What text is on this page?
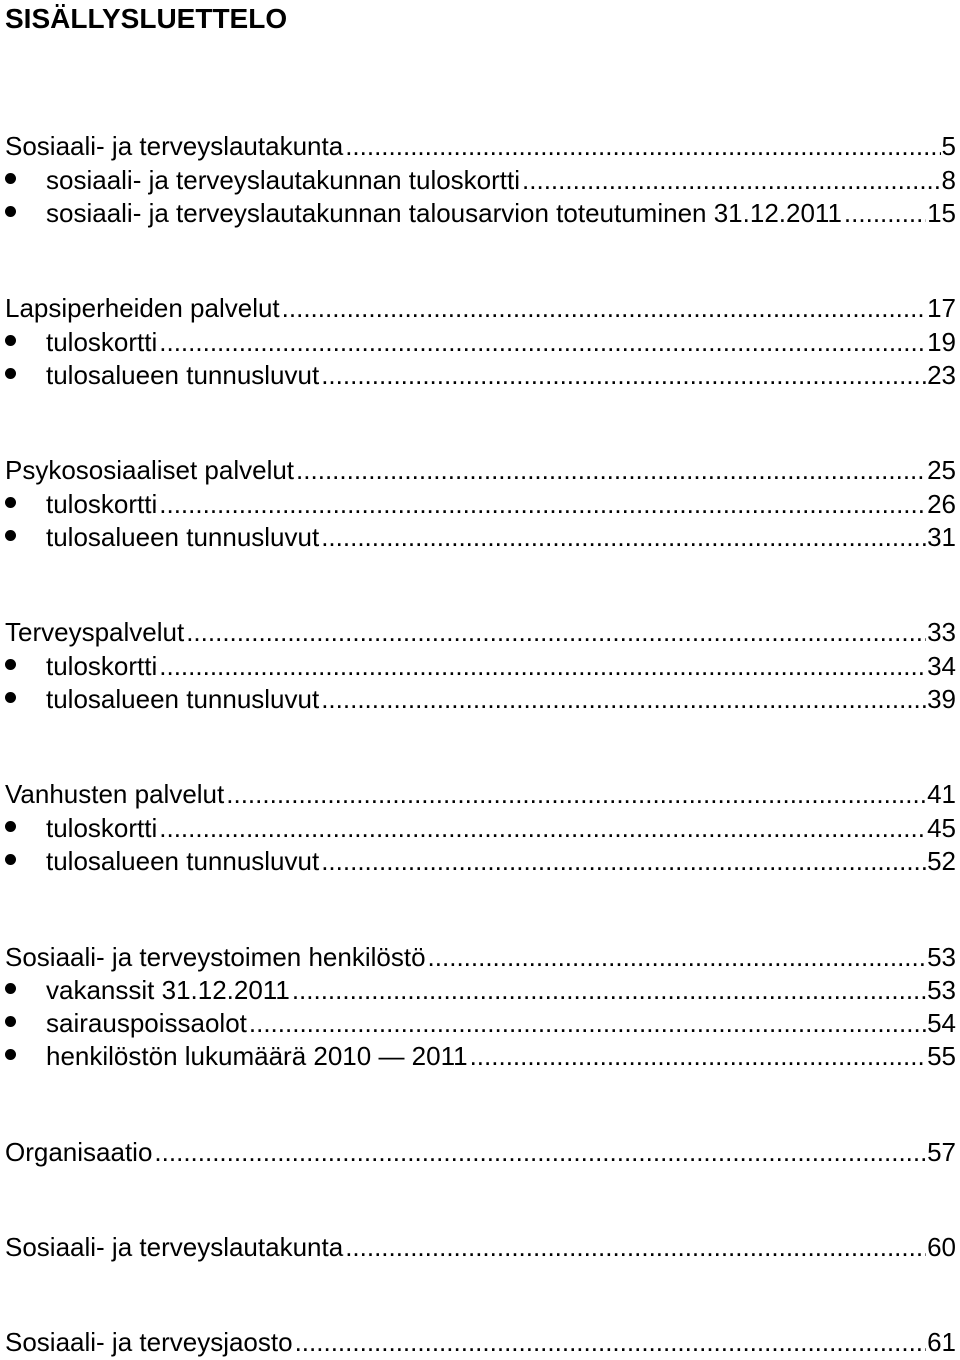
SISÄLLYSLUETTELO
Sosiaali- ja terveyslautakunta .....	5
sosiaali- ja terveyslautakunnan tuloskortti .....	8
sosiaali- ja terveyslautakunnan talousarvion toteutuminen 31.12.2011 .....	15
Lapsiperheiden palvelut .....	17
tuloskortti .....	19
tulosalueen tunnusluvut .....	23
Psykososiaaliset palvelut .....	25
tuloskortti .....	26
tulosalueen tunnusluvut .....	31
Terveyspalvelut .....	33
tuloskortti .....	34
tulosalueen tunnusluvut .....	39
Vanhusten palvelut .....	41
tuloskortti .....	45
tulosalueen tunnusluvut .....	52
Sosiaali- ja terveystoimen henkilöstö .....	53
vakanssit 31.12.2011 .....	53
sairauspoissaolot .....	54
henkilöstön lukumäärä 2010 — 2011 .....	55
Organisaatio .....	57
Sosiaali- ja terveyslautakunta .....	60
Sosiaali- ja terveysjaosto .....	61
